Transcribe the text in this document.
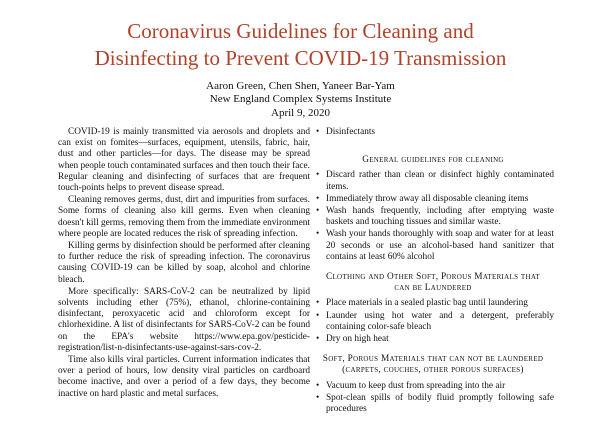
Coronavirus Guidelines for Cleaning and
Disinfecting to Prevent COVID-19 Transmission
Aaron Green, Chen Shen, Yaneer Bar-Yam
New England Complex Systems Institute
April 9, 2020

COVID-19 is mainly transmitted via aerosols and droplets and can exist on fomites—surfaces, equipment, utensils, fabric, hair, dust and other particles—for days. The disease may be spread when people touch contaminated surfaces and then touch their face. Regular cleaning and disinfecting of surfaces that are frequent touch-points helps to prevent disease spread.

Cleaning removes germs, dust, dirt and impurities from surfaces. Some forms of cleaning also kill germs. Even when cleaning doesn't kill germs, removing them from the immediate environment where people are located reduces the risk of spreading infection.

Killing germs by disinfection should be performed after cleaning to further reduce the risk of spreading infection. The coronavirus causing COVID-19 can be killed by soap, alcohol and chlorine bleach.

More specifically: SARS-CoV-2 can be neutralized by lipid solvents including ether (75%), ethanol, chlorine-containing disinfectant, peroxyacetic acid and chloroform except for chlorhexidine. A list of disinfectants for SARS-CoV-2 can be found on the EPA's website https://www.epa.gov/pesticide-registration/list-n-disinfectants-use-against-sars-cov-2.

Time also kills viral particles. Current information indicates that over a period of hours, low density viral particles on cardboard become inactive, and over a period of a few days, they become inactive on hard plastic and metal surfaces.

• Disinfectants
General guidelines for cleaning
• Discard rather than clean or disinfect highly contaminated items.
• Immediately throw away all disposable cleaning items
• Wash hands frequently, including after emptying waste baskets and touching tissues and similar waste.
• Wash your hands thoroughly with soap and water for at least 20 seconds or use an alcohol-based hand sanitizer that contains at least 60% alcohol
Clothing and Other Soft, Porous Materials that
can be Laundered
• Place materials in a sealed plastic bag until laundering
• Launder using hot water and a detergent, preferably containing color-safe bleach
• Dry on high heat
Soft, Porous Materials that can not be laundered
(carpets, couches, other porous surfaces)
• Vacuum to keep dust from spreading into the air
• Spot-clean spills of bodily fluid promptly following safe procedures
